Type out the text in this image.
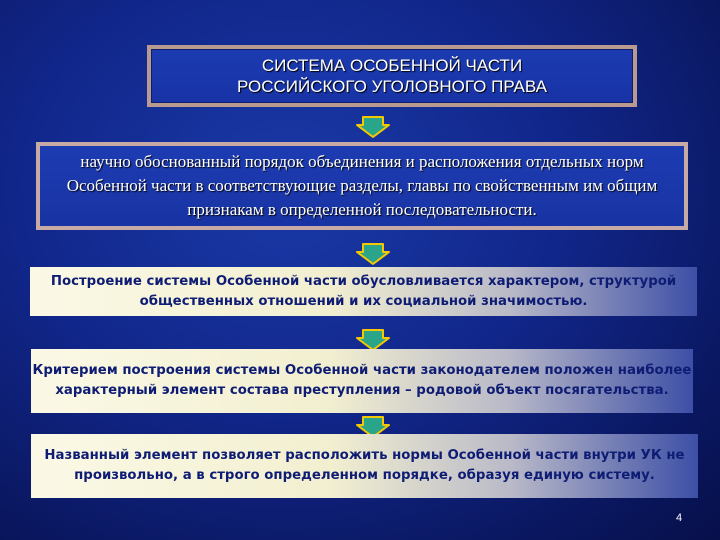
СИСТЕМА ОСОБЕННОЙ ЧАСТИ
РОССИЙСКОГО УГОЛОВНОГО ПРАВА
научно обоснованный порядок объединения и расположения отдельных норм Особенной части в соответствующие разделы, главы по свойственным им общим признакам в определенной последовательности.
Построение системы Особенной части обусловливается характером, структурой общественных отношений и их социальной значимостью.
Критерием построения системы Особенной части законодателем положен наиболее характерный элемент состава преступления – родовой объект посягательства.
Названный элемент позволяет расположить нормы Особенной части внутри УК не произвольно, а в строго определенном порядке, образуя единую систему.
4
